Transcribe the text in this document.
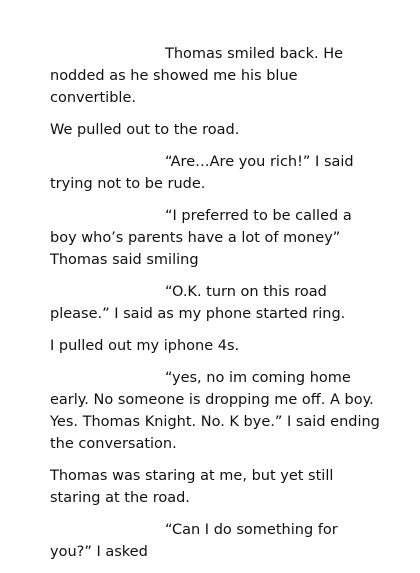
Thomas smiled back. He nodded as he showed me his blue convertible.

We pulled out to the road.

“Are…Are you rich!” I said trying not to be rude.

“I preferred to be called a boy who’s parents have a lot of money” Thomas said smiling

“O.K. turn on this road please.” I said as my phone started ring.

I pulled out my iphone 4s.

“yes, no im coming home early. No someone is dropping me off. A boy. Yes. Thomas Knight. No. K bye.” I said ending the conversation.

Thomas was staring at me, but yet still staring at the road.

“Can I do something for you?” I asked
